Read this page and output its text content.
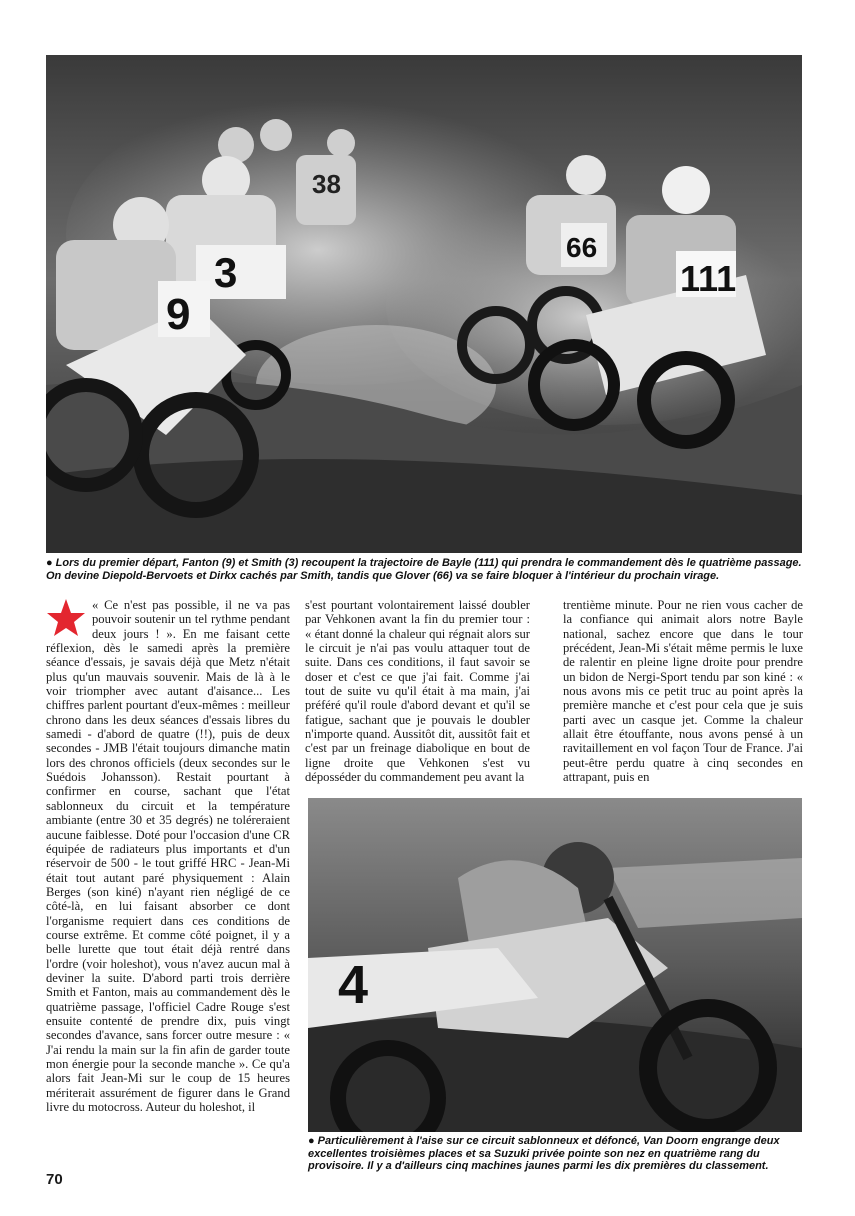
38
3
9
66
111

● Lors du premier départ, Fanton (9) et Smith (3) recoupent la trajectoire de Bayle (111) qui prendra le commandement dès le quatrième passage. On devine Diepold-Bervoets et Dirkx cachés par Smith, tandis que Glover (66) va se faire bloquer à l'intérieur du prochain virage.

« Ce n'est pas possible, il ne va pas pouvoir soutenir un tel rythme pendant deux jours ! ». En me faisant cette réflexion, dès le samedi après la première séance d'essais, je savais déjà que Metz n'était plus qu'un mauvais souvenir. Mais de là à le voir triompher avec autant d'aisance... Les chiffres parlent pourtant d'eux-mêmes : meilleur chrono dans les deux séances d'essais libres du samedi - d'abord de quatre (!!), puis de deux secondes - JMB l'était toujours dimanche matin lors des chronos officiels (deux secondes sur le Suédois Johansson). Restait pourtant à confirmer en course, sachant que l'état sablonneux du circuit et la température ambiante (entre 30 et 35 degrés) ne toléreraient aucune faiblesse. Doté pour l'occasion d'une CR équipée de radiateurs plus importants et d'un réservoir de 500 - le tout griffé HRC - Jean-Mi était tout autant paré physiquement : Alain Berges (son kiné) n'ayant rien négligé de ce côté-là, en lui faisant absorber ce dont l'organisme requiert dans ces conditions de course extrême. Et comme côté poignet, il y a belle lurette que tout était déjà rentré dans l'ordre (voir holeshot), vous n'avez aucun mal à deviner la suite. D'abord parti trois derrière Smith et Fanton, mais au commandement dès le quatrième passage, l'officiel Cadre Rouge s'est ensuite contenté de prendre dix, puis vingt secondes d'avance, sans forcer outre mesure : « J'ai rendu la main sur la fin afin de garder toute mon énergie pour la seconde manche ». Ce qu'a alors fait Jean-Mi sur le coup de 15 heures mériterait assurément de figurer dans le Grand livre du motocross. Auteur du holeshot, il

s'est pourtant volontairement laissé doubler par Vehkonen avant la fin du premier tour : « étant donné la chaleur qui régnait alors sur le circuit je n'ai pas voulu attaquer tout de suite. Dans ces conditions, il faut savoir se doser et c'est ce que j'ai fait. Comme j'ai tout de suite vu qu'il était à ma main, j'ai préféré qu'il roule d'abord devant et qu'il se fatigue, sachant que je pouvais le doubler n'importe quand. Aussitôt dit, aussitôt fait et c'est par un freinage diabolique en bout de ligne droite que Vehkonen s'est vu déposséder du commandement peu avant la

trentième minute. Pour ne rien vous cacher de la confiance qui animait alors notre Bayle national, sachez encore que dans le tour précédent, Jean-Mi s'était même permis le luxe de ralentir en pleine ligne droite pour prendre un bidon de Nergi-Sport tendu par son kiné : « nous avons mis ce petit truc au point après la première manche et c'est pour cela que je suis parti avec un casque jet. Comme la chaleur allait être étouffante, nous avons pensé à un ravitaillement en vol façon Tour de France. J'ai peut-être perdu quatre à cinq secondes en attrapant, puis en

4

● Particulièrement à l'aise sur ce circuit sablonneux et défoncé, Van Doorn engrange deux excellentes troisièmes places et sa Suzuki privée pointe son nez en quatrième rang du provisoire. Il y a d'ailleurs cinq machines jaunes parmi les dix premières du classement.

70
